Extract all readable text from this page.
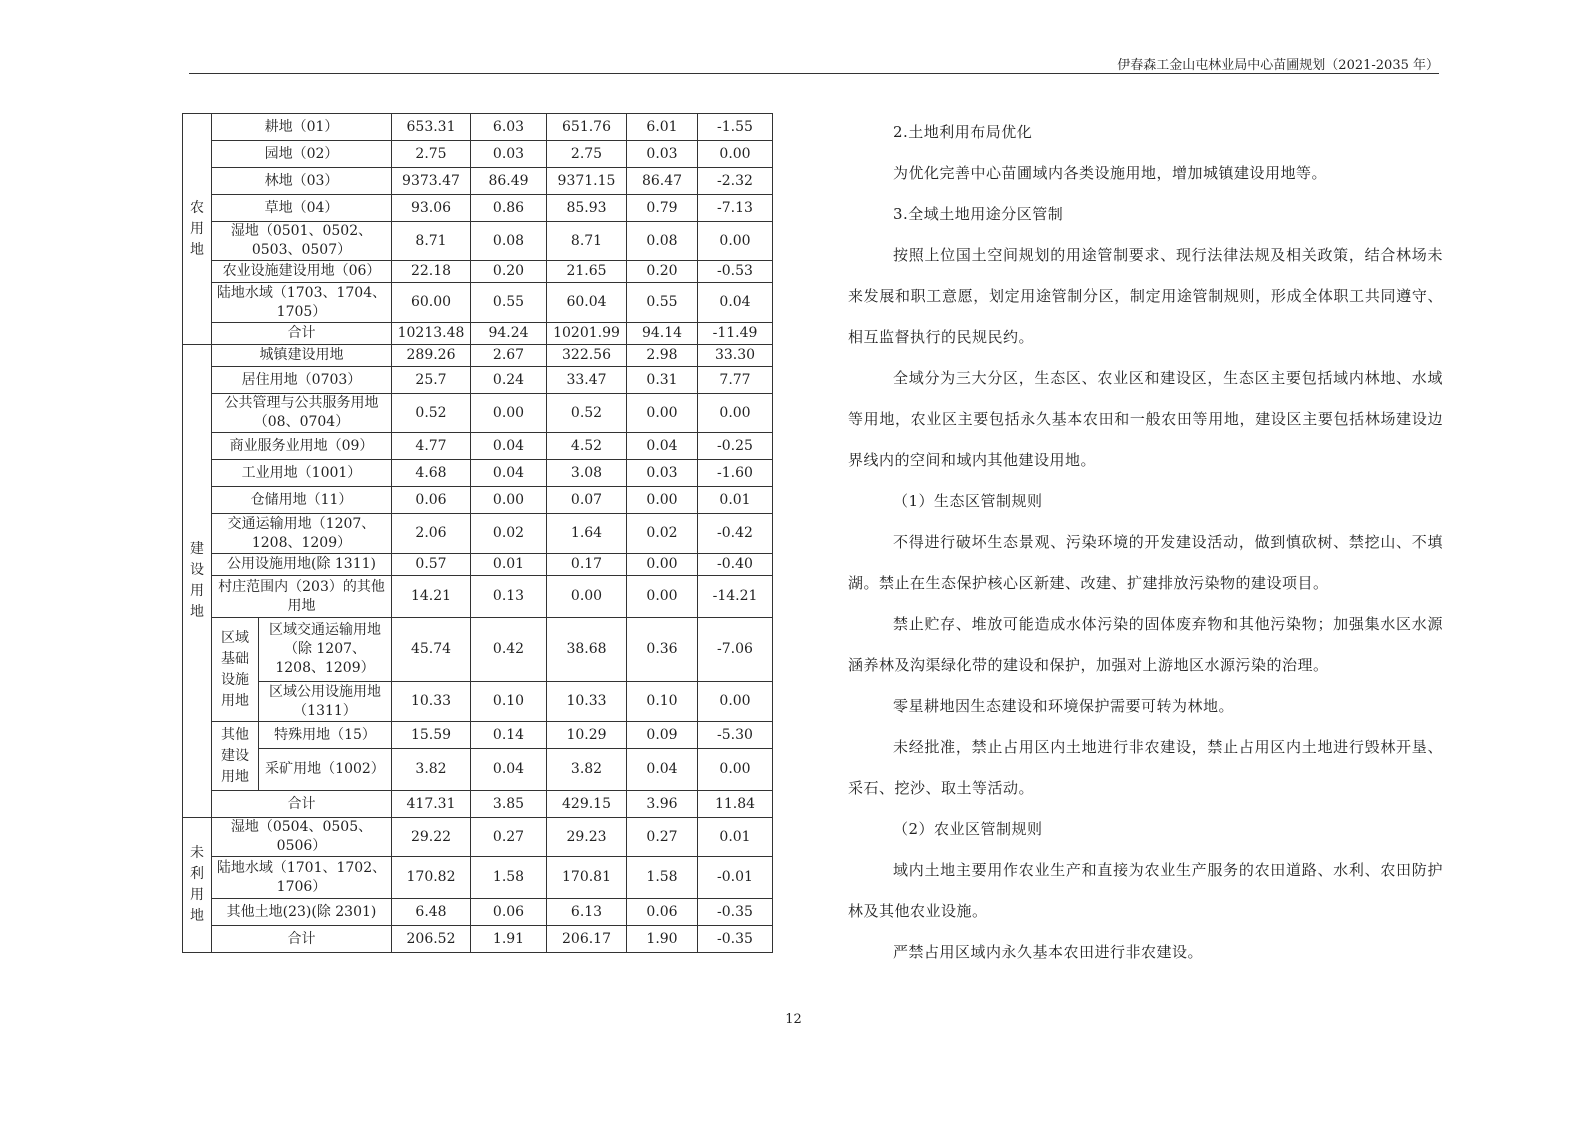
伊春森工金山屯林业局中心苗圃规划（2021-2035 年）
农用地	耕地（01）		653.31	6.03	651.76	6.01	-1.55
	园地（02）		2.75	0.03	2.75	0.03	0.00
	林地（03）		9373.47	86.49	9371.15	86.47	-2.32
	草地（04）		93.06	0.86	85.93	0.79	-7.13
	湿地（0501、0502、0503、0507）		8.71	0.08	8.71	0.08	0.00
	农业设施建设用地（06）		22.18	0.20	21.65	0.20	-0.53
	陆地水域（1703、1704、1705）		60.00	0.55	60.04	0.55	0.04
	合计		10213.48	94.24	10201.99	94.14	-11.49
建设用地	城镇建设用地		289.26	2.67	322.56	2.98	33.30
	居住用地（0703）		25.7	0.24	33.47	0.31	7.77
	公共管理与公共服务用地（08、0704）		0.52	0.00	0.52	0.00	0.00
	商业服务业用地（09）		4.77	0.04	4.52	0.04	-0.25
	工业用地（1001）		4.68	0.04	3.08	0.03	-1.60
	仓储用地（11）		0.06	0.00	0.07	0.00	0.01
	交通运输用地（1207、1208、1209）		2.06	0.02	1.64	0.02	-0.42
	公用设施用地(除 1311)		0.57	0.01	0.17	0.00	-0.40
	村庄范围内（203）的其他用地		14.21	0.13	0.00	0.00	-14.21
	区域基础设施用地	区域交通运输用地（除 1207、1208、1209）	45.74	0.42	38.68	0.36	-7.06
		区域公用设施用地（1311）	10.33	0.10	10.33	0.10	0.00
	其他建设用地	特殊用地（15）	15.59	0.14	10.29	0.09	-5.30
		采矿用地（1002）	3.82	0.04	3.82	0.04	0.00
	合计		417.31	3.85	429.15	3.96	11.84
未利用地	湿地（0504、0505、0506）		29.22	0.27	29.23	0.27	0.01
	陆地水域（1701、1702、1706）		170.82	1.58	170.81	1.58	-0.01
	其他土地(23)(除 2301)		6.48	0.06	6.13	0.06	-0.35
	合计		206.52	1.91	206.17	1.90	-0.35

2.土地利用布局优化

为优化完善中心苗圃域内各类设施用地，增加城镇建设用地等。

3.全域土地用途分区管制

按照上位国土空间规划的用途管制要求、现行法律法规及相关政策，结合林场未来发展和职工意愿，划定用途管制分区，制定用途管制规则，形成全体职工共同遵守、相互监督执行的民规民约。

全域分为三大分区，生态区、农业区和建设区，生态区主要包括域内林地、水域等用地，农业区主要包括永久基本农田和一般农田等用地，建设区主要包括林场建设边界线内的空间和域内其他建设用地。

（1）生态区管制规则

不得进行破坏生态景观、污染环境的开发建设活动，做到慎砍树、禁挖山、不填湖。禁止在生态保护核心区新建、改建、扩建排放污染物的建设项目。

禁止贮存、堆放可能造成水体污染的固体废弃物和其他污染物；加强集水区水源涵养林及沟渠绿化带的建设和保护，加强对上游地区水源污染的治理。

零星耕地因生态建设和环境保护需要可转为林地。

未经批准，禁止占用区内土地进行非农建设，禁止占用区内土地进行毁林开垦、采石、挖沙、取土等活动。

（2）农业区管制规则

域内土地主要用作农业生产和直接为农业生产服务的农田道路、水利、农田防护林及其他农业设施。

严禁占用区域内永久基本农田进行非农建设。

12
